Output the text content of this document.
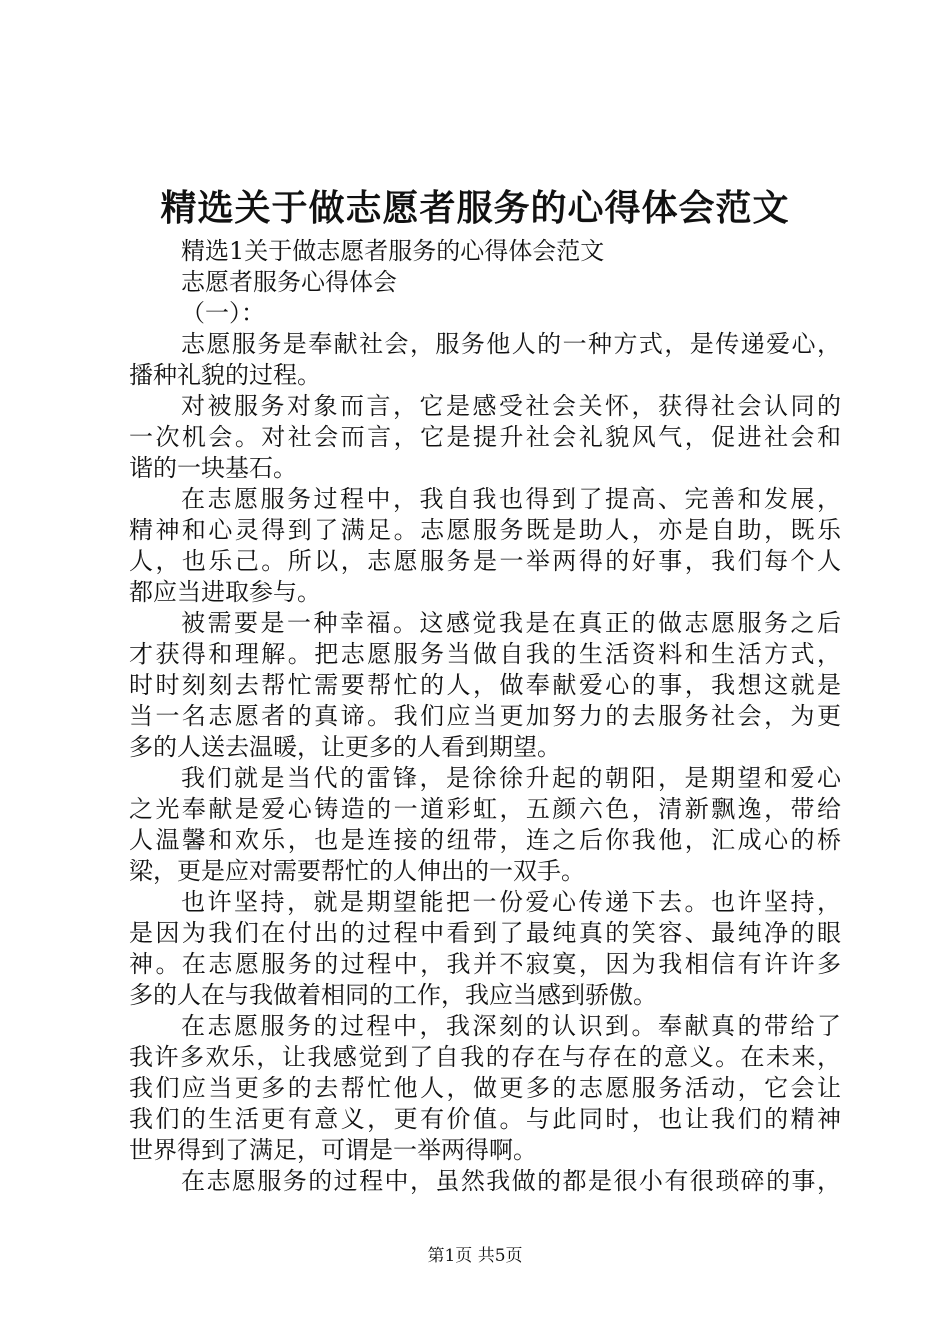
精选关于做志愿者服务的心得体会范文
精选1关于做志愿者服务的心得体会范文
志愿者服务心得体会
（一）：
志愿服务是奉献社会，服务他人的一种方式，是传递爱心，
播种礼貌的过程。
对被服务对象而言，它是感受社会关怀，获得社会认同的
一次机会。对社会而言，它是提升社会礼貌风气，促进社会和
谐的一块基石。
在志愿服务过程中，我自我也得到了提高、完善和发展，
精神和心灵得到了满足。志愿服务既是助人，亦是自助，既乐
人，也乐己。所以，志愿服务是一举两得的好事，我们每个人
都应当进取参与。
被需要是一种幸福。这感觉我是在真正的做志愿服务之后
才获得和理解。把志愿服务当做自我的生活资料和生活方式，
时时刻刻去帮忙需要帮忙的人，做奉献爱心的事，我想这就是
当一名志愿者的真谛。我们应当更加努力的去服务社会，为更
多的人送去温暖，让更多的人看到期望。
我们就是当代的雷锋，是徐徐升起的朝阳，是期望和爱心
之光奉献是爱心铸造的一道彩虹，五颜六色，清新飘逸，带给
人温馨和欢乐，也是连接的纽带，连之后你我他，汇成心的桥
梁，更是应对需要帮忙的人伸出的一双手。
也许坚持，就是期望能把一份爱心传递下去。也许坚持，
是因为我们在付出的过程中看到了最纯真的笑容、最纯净的眼
神。在志愿服务的过程中，我并不寂寞，因为我相信有许许多
多的人在与我做着相同的工作，我应当感到骄傲。
在志愿服务的过程中，我深刻的认识到。奉献真的带给了
我许多欢乐，让我感觉到了自我的存在与存在的意义。在未来，
我们应当更多的去帮忙他人，做更多的志愿服务活动，它会让
我们的生活更有意义，更有价值。与此同时，也让我们的精神
世界得到了满足，可谓是一举两得啊。
在志愿服务的过程中，虽然我做的都是很小有很琐碎的事，
第1页 共5页
